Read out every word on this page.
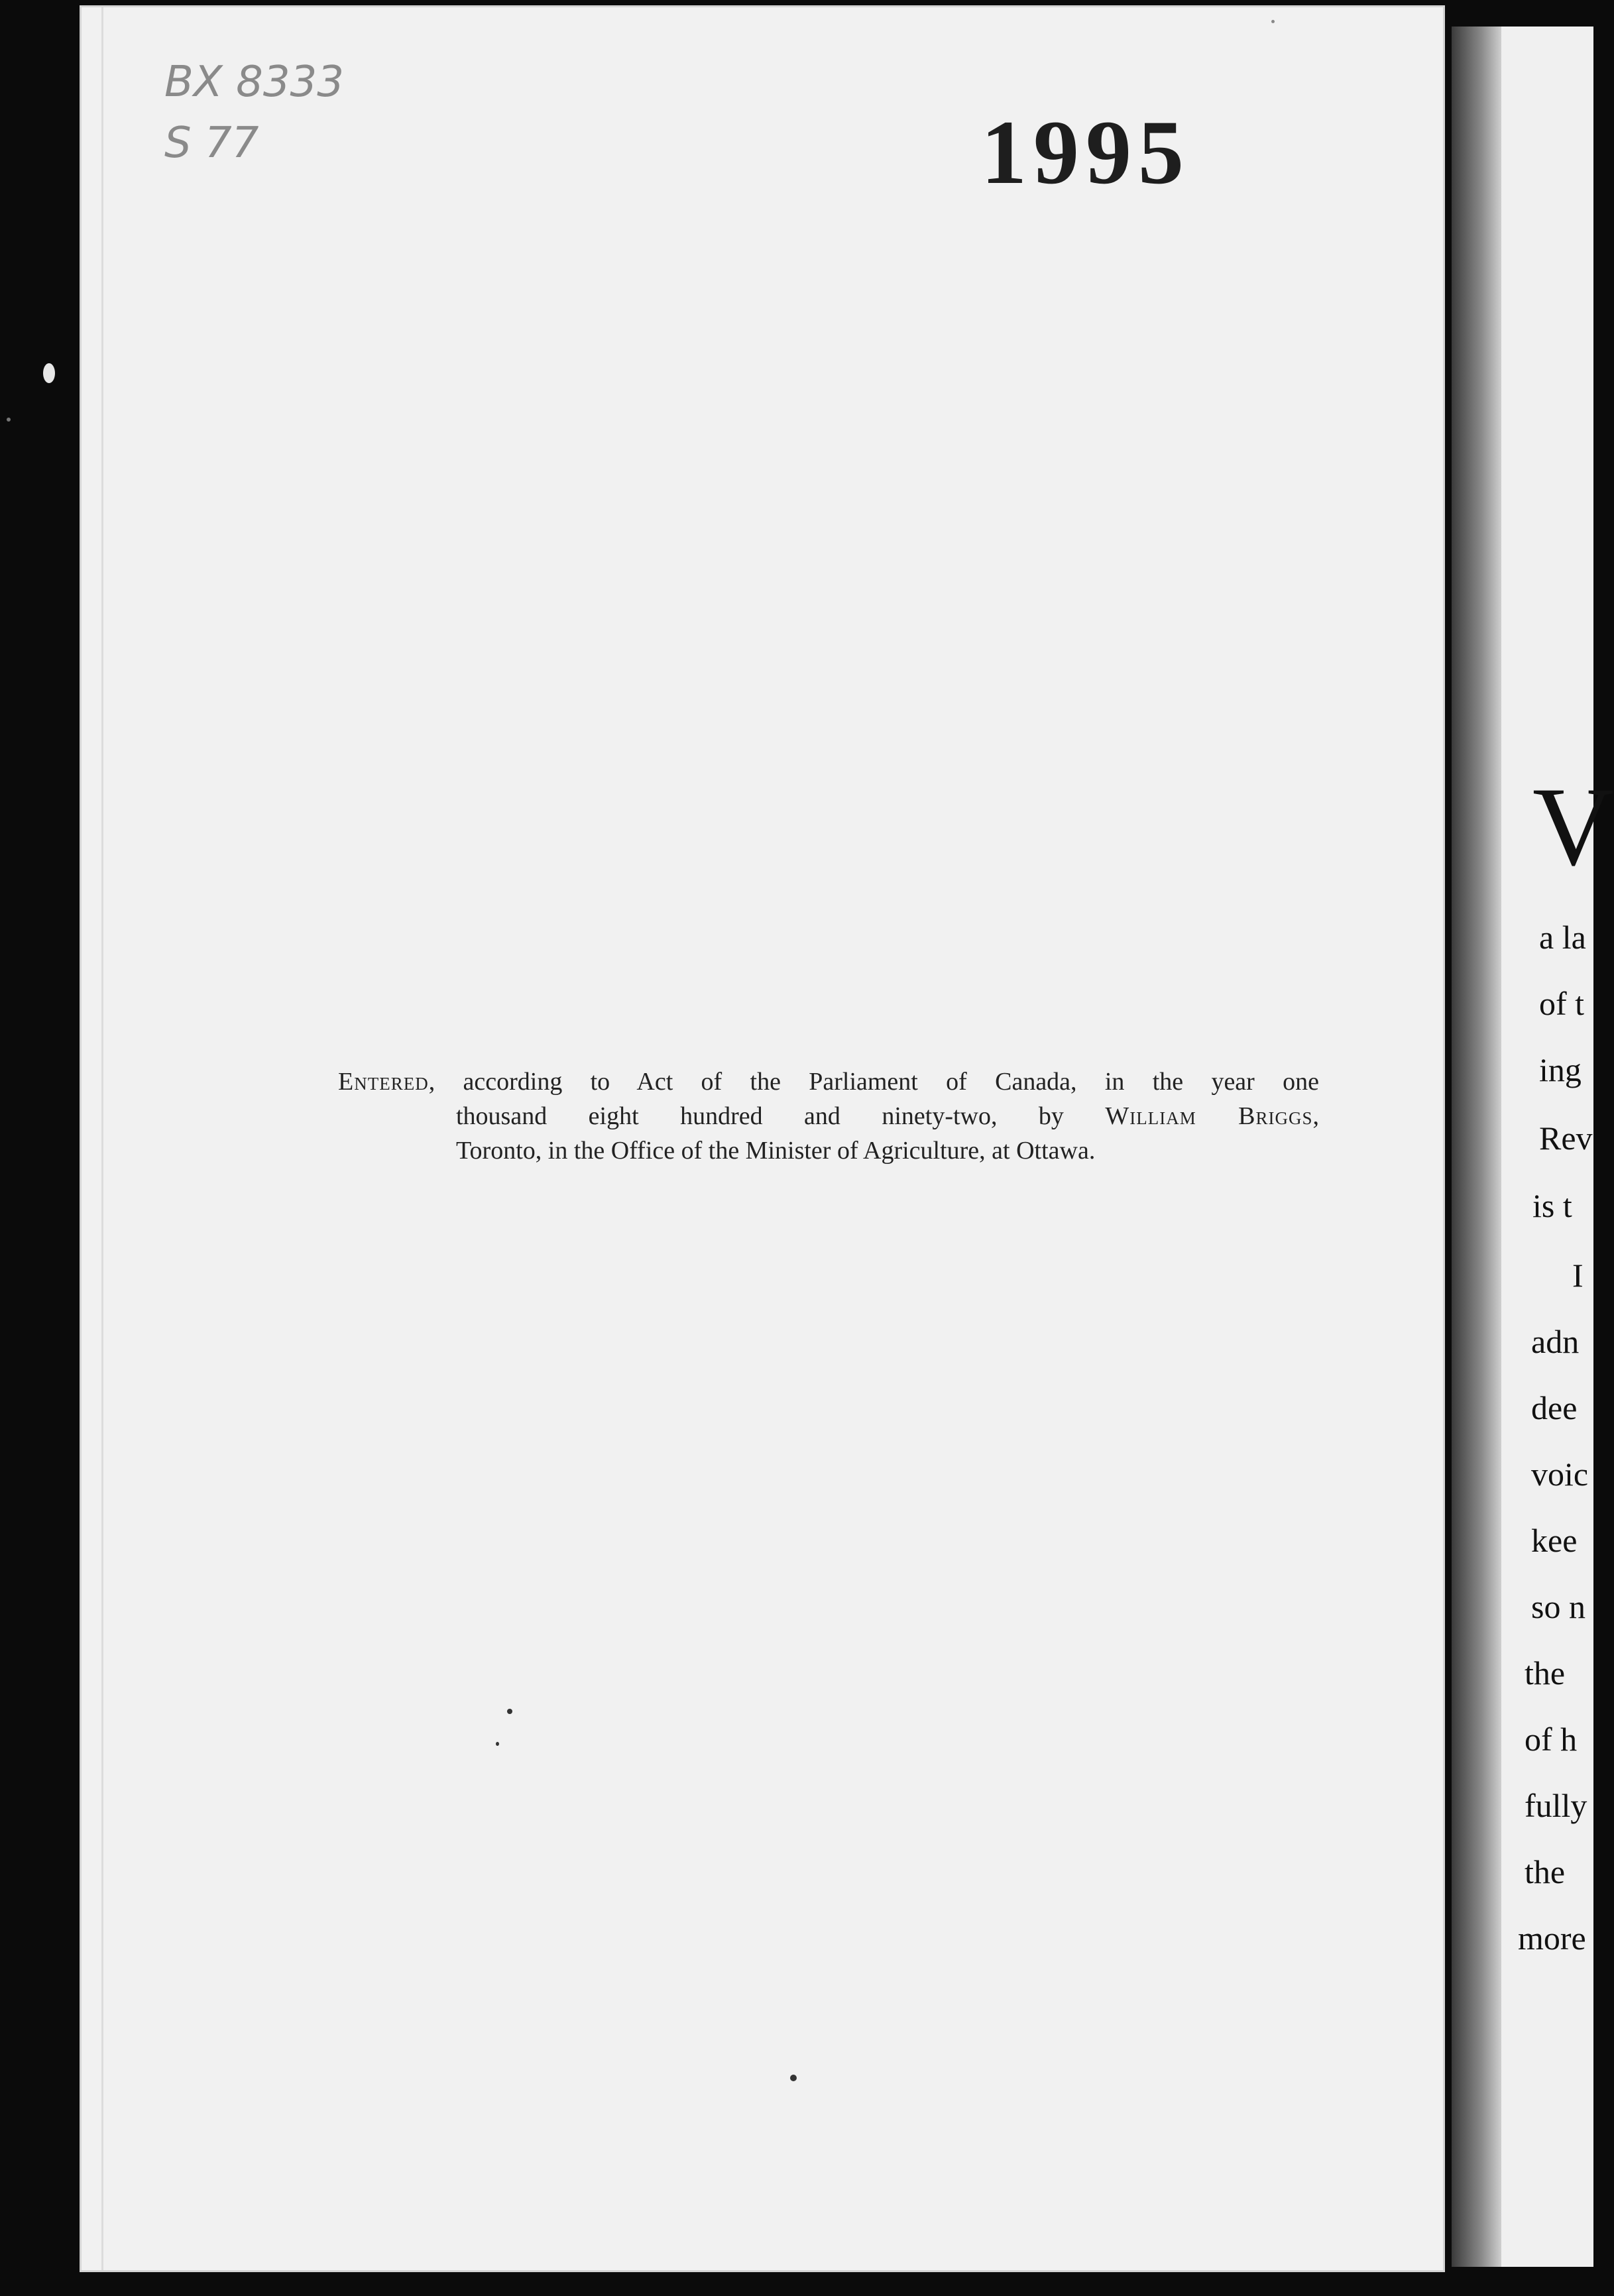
BX 8333
S 77	1995
Entered, according to Act of the Parliament of Canada, in the year one
thousand eight hundred and ninety-two, by William Briggs,
Toronto, in the Office of the Minister of Agriculture, at Ottawa.
V
a la
of t
ing
Rev
is t
I
adn
dee
voic
kee
so n
the
of h
fully
the
more
